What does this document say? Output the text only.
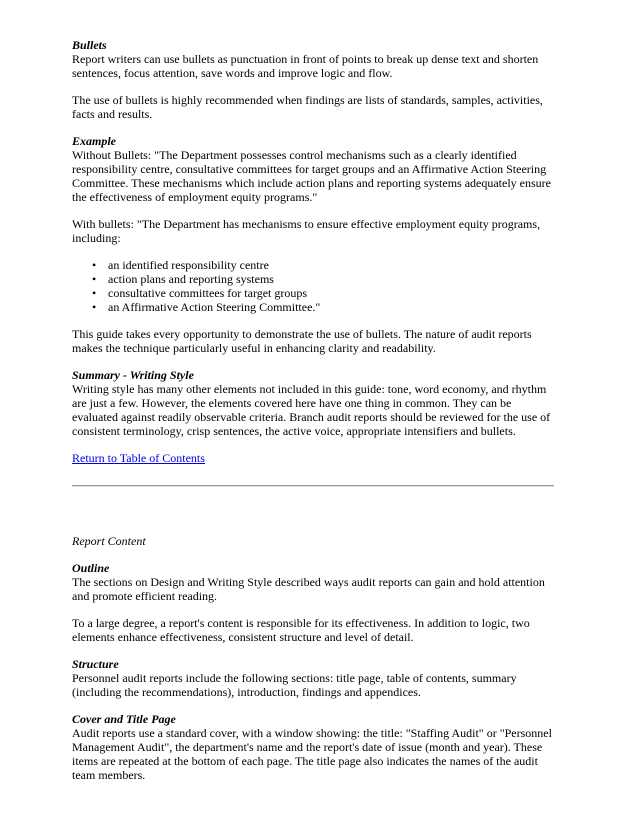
Bullets

Report writers can use bullets as punctuation in front of points to break up dense text and shorten sentences, focus attention, save words and improve logic and flow.

The use of bullets is highly recommended when findings are lists of standards, samples, activities, facts and results.

Example

Without Bullets: "The Department possesses control mechanisms such as a clearly identified responsibility centre, consultative committees for target groups and an Affirmative Action Steering Committee. These mechanisms which include action plans and reporting systems adequately ensure the effectiveness of employment equity programs."

With bullets: "The Department has mechanisms to ensure effective employment equity programs, including:

• an identified responsibility centre
• action plans and reporting systems
• consultative committees for target groups
• an Affirmative Action Steering Committee."

This guide takes every opportunity to demonstrate the use of bullets. The nature of audit reports makes the technique particularly useful in enhancing clarity and readability.

Summary - Writing Style

Writing style has many other elements not included in this guide: tone, word economy, and rhythm are just a few. However, the elements covered here have one thing in common. They can be evaluated against readily observable criteria. Branch audit reports should be reviewed for the use of consistent terminology, crisp sentences, the active voice, appropriate intensifiers and bullets.

Return to Table of Contents
Report Content
Outline

The sections on Design and Writing Style described ways audit reports can gain and hold attention and promote efficient reading.

To a large degree, a report's content is responsible for its effectiveness. In addition to logic, two elements enhance effectiveness, consistent structure and level of detail.

Structure

Personnel audit reports include the following sections: title page, table of contents, summary (including the recommendations), introduction, findings and appendices.

Cover and Title Page

Audit reports use a standard cover, with a window showing: the title: "Staffing Audit" or "Personnel Management Audit", the department's name and the report's date of issue (month and year). These items are repeated at the bottom of each page. The title page also indicates the names of the audit team members.
